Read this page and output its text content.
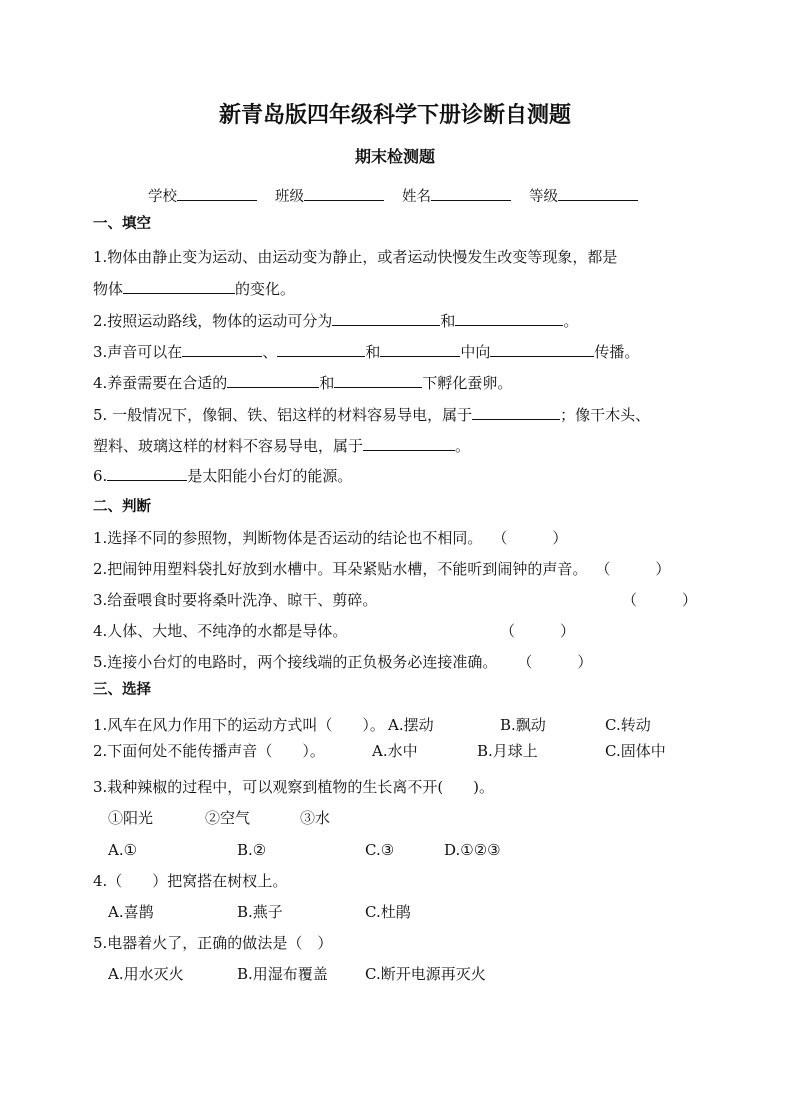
新青岛版四年级科学下册诊断自测题
期末检测题
学校	班级	姓名	等级
一、填空
1.物体由静止变为运动、由运动变为静止，或者运动快慢发生改变等现象，都是
物体	的变化。
2.按照运动路线，物体的运动可分为	和	。
3.声音可以在	、	和	中向	传播。
4.养蚕需要在合适的	和	下孵化蚕卵。
5. 一般情况下，像铜、铁、铝这样的材料容易导电，属于	；像干木头、
塑料、玻璃这样的材料不容易导电，属于	。
6.	是太阳能小台灯的能源。
二、判断
1.选择不同的参照物，判断物体是否运动的结论也不相同。 （　　　）
2.把闹钟用塑料袋扎好放到水槽中。耳朵紧贴水槽，不能听到闹钟的声音。 （　　　）
3.给蚕喂食时要将桑叶洗净、晾干、剪碎。	（　　　）
4.人体、大地、不纯净的水都是导体。	（　　　）
5.连接小台灯的电路时，两个接线端的正负极务必连接准确。 （　　　）
三、选择
1.风车在风力作用下的运动方式叫（　　）。 A.摆动	B.飘动	C.转动
2.下面何处不能传播声音（　　）。	A.水中	B.月球上	C.固体中
3.栽种辣椒的过程中，可以观察到植物的生长离不开(　　)。
①阳光	②空气	③水
A.①	B.②	C.③	D.①②③
4.（　　）把窝搭在树杈上。
A.喜鹊	B.燕子	C.杜鹃
5.电器着火了，正确的做法是（　）
A.用水灭火	B.用湿布覆盖 C.断开电源再灭火
